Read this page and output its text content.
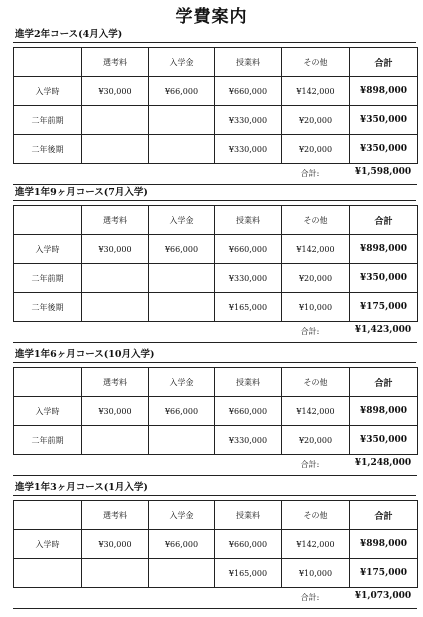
学費案内
進学2年コース(4月入学)
	選考料	入学金	授業料	その他	合計
入学時	¥30,000	¥66,000	¥660,000	¥142,000	¥898,000
二年前期			¥330,000	¥20,000	¥350,000
二年後期			¥330,000	¥20,000	¥350,000
合計:	¥1,598,000
進学1年9ヶ月コース(7月入学)
	選考料	入学金	授業料	その他	合計
入学時	¥30,000	¥66,000	¥660,000	¥142,000	¥898,000
二年前期			¥330,000	¥20,000	¥350,000
二年後期			¥165,000	¥10,000	¥175,000
合計:	¥1,423,000
進学1年6ヶ月コース(10月入学)
	選考料	入学金	授業料	その他	合計
入学時	¥30,000	¥66,000	¥660,000	¥142,000	¥898,000
二年前期			¥330,000	¥20,000	¥350,000
合計:	¥1,248,000
進学1年3ヶ月コース(1月入学)
	選考料	入学金	授業料	その他	合計
入学時	¥30,000	¥66,000	¥660,000	¥142,000	¥898,000
			¥165,000	¥10,000	¥175,000
合計:	¥1,073,000
